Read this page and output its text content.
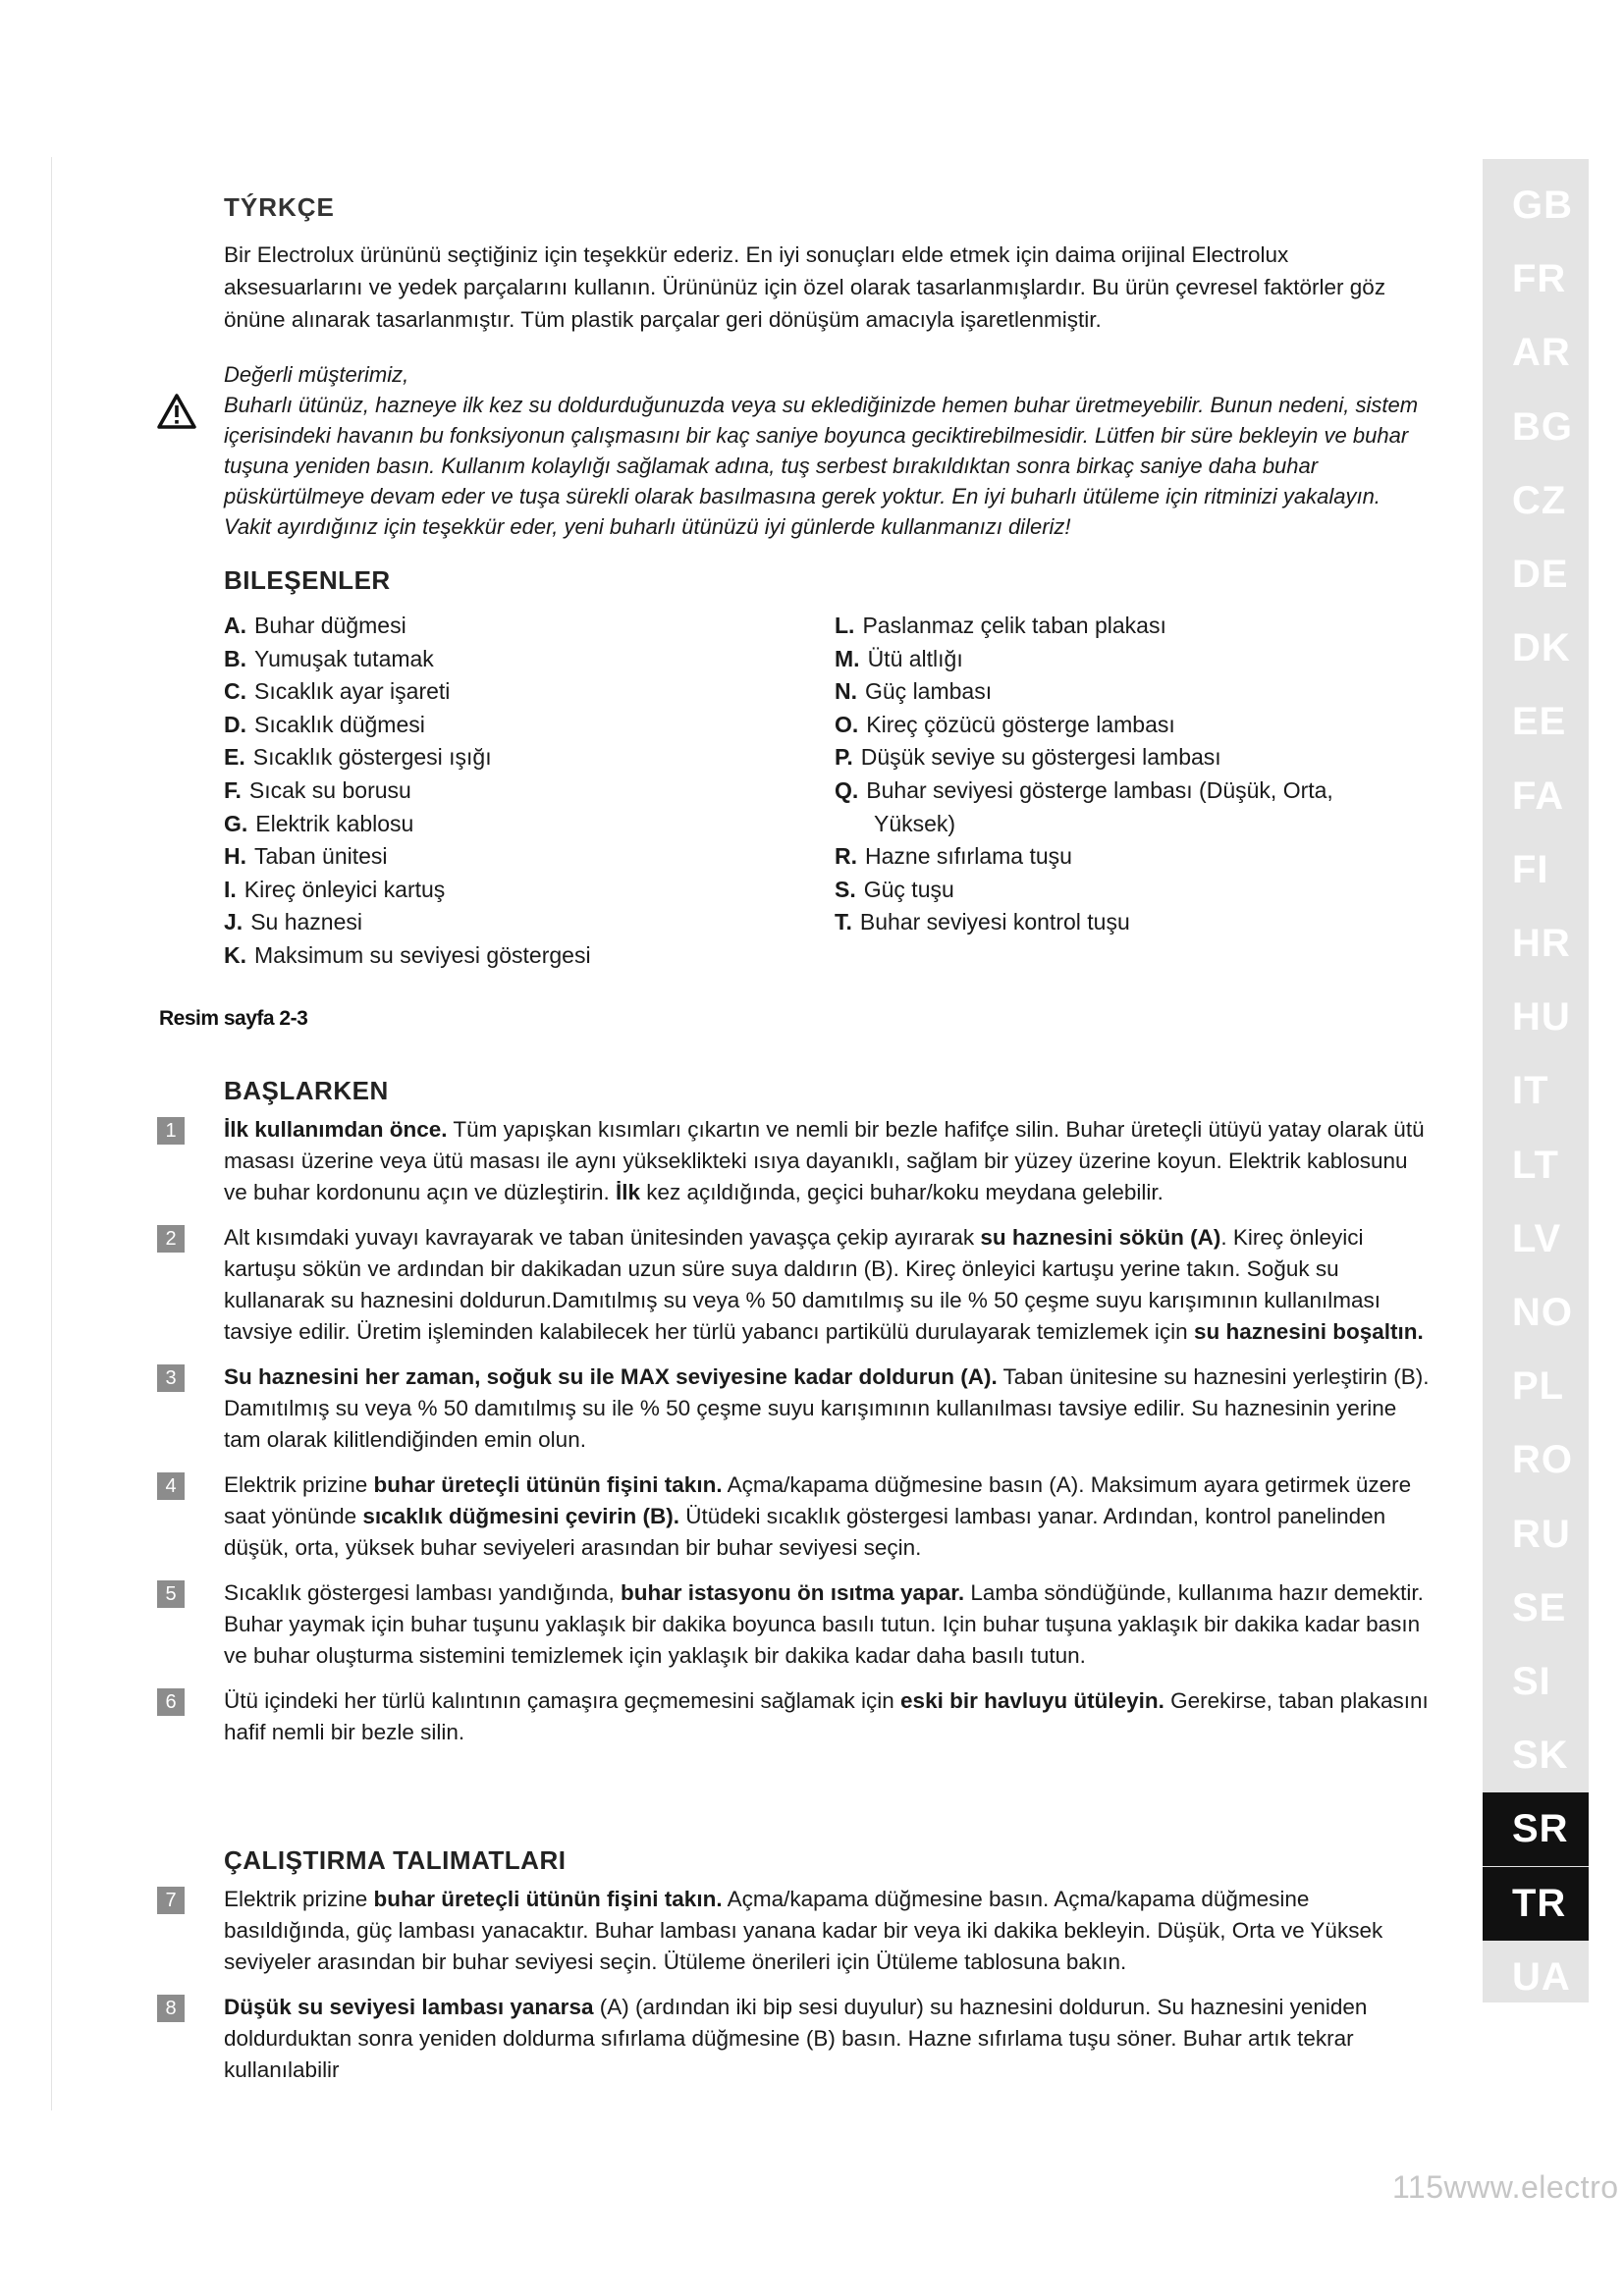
TÝRKÇE

Bir Electrolux ürününü seçtiğiniz için teşekkür ederiz. En iyi sonuçları elde etmek için daima orijinal Electrolux aksesuarlarını ve yedek parçalarını kullanın. Ürününüz için özel olarak tasarlanmışlardır. Bu ürün çevresel faktörler göz önüne alınarak tasarlanmıştır. Tüm plastik parçalar geri dönüşüm amacıyla işaretlenmiştir.

Değerli müşterimiz,
Buharlı ütünüz, hazneye ilk kez su doldurduğunuzda veya su eklediğinizde hemen buhar üretmeyebilir. Bunun nedeni, sistem içerisindeki havanın bu fonksiyonun çalışmasını bir kaç saniye boyunca geciktirebilmesidir. Lütfen bir süre bekleyin ve buhar tuşuna yeniden basın. Kullanım kolaylığı sağlamak adına, tuş serbest bırakıldıktan sonra birkaç saniye daha buhar püskürtülmeye devam eder ve tuşa sürekli olarak basılmasına gerek yoktur. En iyi buharlı ütüleme için ritminizi yakalayın. Vakit ayırdığınız için teşekkür eder, yeni buharlı ütünüzü iyi günlerde kullanmanızı dileriz!
BILEŞENLER
A. Buhar düğmesi
B. Yumuşak tutamak
C. Sıcaklık ayar işareti
D. Sıcaklık düğmesi
E. Sıcaklık göstergesi ışığı
F. Sıcak su borusu
G. Elektrik kablosu
H. Taban ünitesi
I. Kireç önleyici kartuş
J. Su haznesi
K. Maksimum su seviyesi göstergesi
L. Paslanmaz çelik taban plakası
M. Ütü altlığı
N. Güç lambası
O. Kireç çözücü gösterge lambası
P. Düşük seviye su göstergesi lambası
Q. Buhar seviyesi gösterge lambası (Düşük, Orta,
Yüksek)
R. Hazne sıfırlama tuşu
S. Güç tuşu
T. Buhar seviyesi kontrol tuşu
Resim sayfa 2-3
BAŞLARKEN

1	İlk kullanımdan önce. Tüm yapışkan kısımları çıkartın ve nemli bir bezle hafifçe silin. Buhar üreteçli ütüyü yatay olarak ütü masası üzerine veya ütü masası ile aynı yükseklikteki ısıya dayanıklı, sağlam bir yüzey üzerine koyun. Elektrik kablosunu ve buhar kordonunu açın ve düzleştirin. İlk kez açıldığında, geçici buhar/koku meydana gelebilir.

2	Alt kısımdaki yuvayı kavrayarak ve taban ünitesinden yavaşça çekip ayırarak su haznesini sökün (A). Kireç önleyici kartuşu sökün ve ardından bir dakikadan uzun süre suya daldırın (B). Kireç önleyici kartuşu yerine takın. Soğuk su kullanarak su haznesini doldurun.Damıtılmış su veya % 50 damıtılmış su ile % 50 çeşme suyu karışımının kullanılması tavsiye edilir. Üretim işleminden kalabilecek her türlü yabancı partikülü durulayarak temizlemek için su haznesini boşaltın.

3	Su haznesini her zaman, soğuk su ile MAX seviyesine kadar doldurun (A). Taban ünitesine su haznesini yerleştirin (B). Damıtılmış su veya % 50 damıtılmış su ile % 50 çeşme suyu karışımının kullanılması tavsiye edilir. Su haznesinin yerine tam olarak kilitlendiğinden emin olun.

4	Elektrik prizine buhar üreteçli ütünün fişini takın. Açma/kapama düğmesine basın (A). Maksimum ayara getirmek üzere saat yönünde sıcaklık düğmesini çevirin (B). Ütüdeki sıcaklık göstergesi lambası yanar. Ardından, kontrol panelinden düşük, orta, yüksek buhar seviyeleri arasından bir buhar seviyesi seçin.

5	Sıcaklık göstergesi lambası yandığında, buhar istasyonu ön ısıtma yapar. Lamba söndüğünde, kullanıma hazır demektir. Buhar yaymak için buhar tuşunu yaklaşık bir dakika boyunca basılı tutun. Için buhar tuşuna yaklaşık bir dakika kadar basın ve buhar oluşturma sistemini temizlemek için yaklaşık bir dakika kadar daha basılı tutun.

6	Ütü içindeki her türlü kalıntının çamaşıra geçmemesini sağlamak için eski bir havluyu ütüleyin. Gerekirse, taban plakasını hafif nemli bir bezle silin.

ÇALIŞTIRMA TALIMATLARI

7	Elektrik prizine buhar üreteçli ütünün fişini takın. Açma/kapama düğmesine basın. Açma/kapama düğmesine basıldığında, güç lambası yanacaktır. Buhar lambası yanana kadar bir veya iki dakika bekleyin. Düşük, Orta ve Yüksek seviyeler arasından bir buhar seviyesi seçin. Ütüleme önerileri için Ütüleme tablosuna bakın.

8	Düşük su seviyesi lambası yanarsa (A) (ardından iki bip sesi duyulur) su haznesini doldurun. Su haznesini yeniden doldurduktan sonra yeniden doldurma sıfırlama düğmesine (B) basın. Hazne sıfırlama tuşu söner. Buhar artık tekrar kullanılabilir

GB
FR
AR
BG
CZ
DE
DK
EE
FA
FI
HR
HU
IT
LT
LV
NO
PL
RO
RU
SE
SI
SK
SR
TR
UA
115www.electro
